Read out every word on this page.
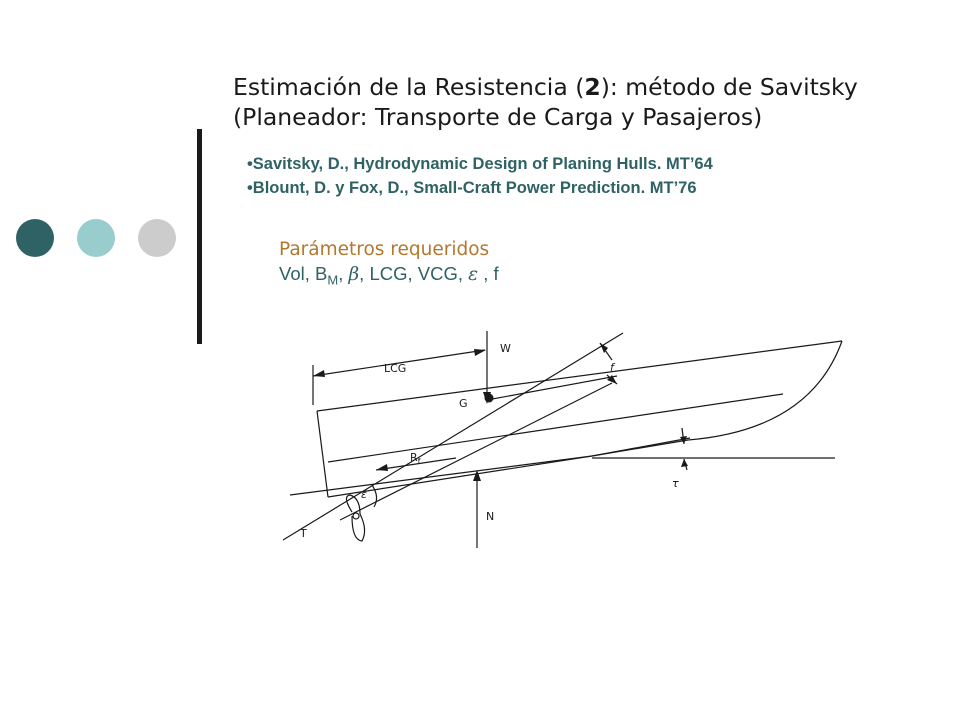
Estimación de la Resistencia (2): método de Savitsky
(Planeador: Transporte de Carga y Pasajeros)
•Savitsky, D., Hydrodynamic Design of Planing Hulls. MT’64
•Blount, D. y Fox, D., Small-Craft Power Prediction. MT’76
Parámetros requeridos
Vol, $B_M$, β, LCG, VCG, ε , f
LCG
W
G
f
$R_f$
ε
T
N
τ
